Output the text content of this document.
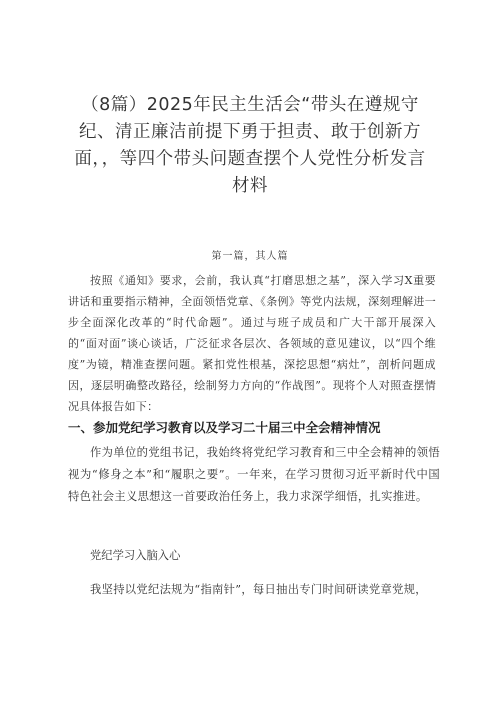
（8篇）2025年民主生活会“带头在遵规守纪、清正廉洁前提下勇于担责、敢于创新方面，，等四个带头问题查摆个人党性分析发言材料
第一篇，其人篇
按照《通知》要求，会前，我认真“打磨思想之基”，深入学习X重要讲话和重要指示精神，全面领悟党章、《条例》等党内法规，深刻理解进一步全面深化改革的“时代命题”。通过与班子成员和广大干部开展深入的“面对面”谈心谈话，广泛征求各层次、各领域的意见建议，以“四个维度”为镜，精准查摆问题。紧扣党性根基，深挖思想“病灶”，剖析问题成因，逐层明确整改路径，绘制努力方向的“作战图”。现将个人对照查摆情况具体报告如下：
一、参加党纪学习教育以及学习二十届三中全会精神情况
作为单位的党组书记，我始终将党纪学习教育和三中全会精神的领悟视为“修身之本”和“履职之要”。一年来，在学习贯彻习近平新时代中国特色社会主义思想这一首要政治任务上，我力求深学细悟，扎实推进。
党纪学习入脑入心
我坚持以党纪法规为“指南针”，每日抽出专门时间研读党章党规，
